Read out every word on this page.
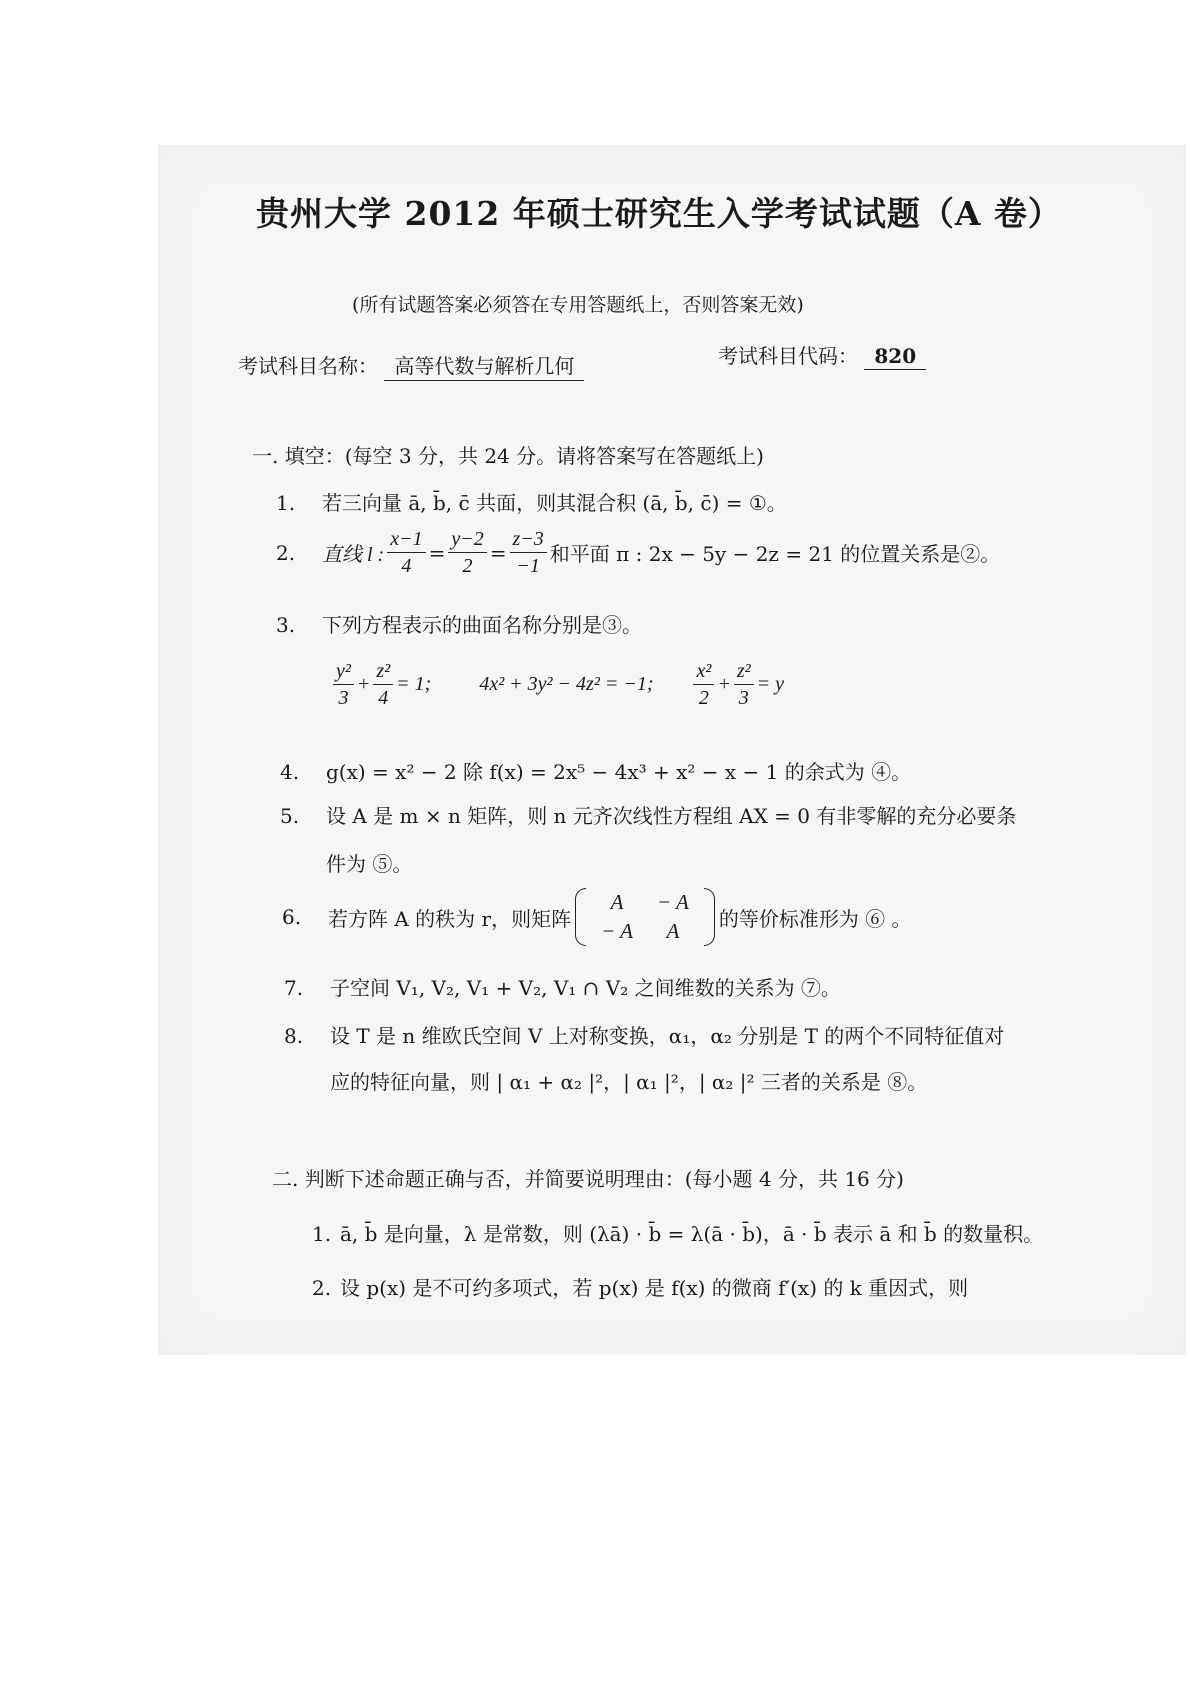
贵州大学 2012 年硕士研究生入学考试试题（A 卷）
(所有试题答案必须答在专用答题纸上，否则答案无效)
考试科目名称： 高等代数与解析几何	考试科目代码： 820
一. 填空：(每空 3 分，共 24 分。请将答案写在答题纸上)
1. 若三向量 ā, b̄, c̄ 共面，则其混合积 (ā, b̄, c̄) = ①。
2.	直线 l : $\frac{x-1}{4} = \frac{y-2}{2} = \frac{z-3}{-1}$ 和平面 π : 2x − 5y − 2z = 21 的位置关系是②。
3. 下列方程表示的曲面名称分别是③。
$\frac{\text{y²}}{3} + \frac{\text{z²}}{4} = 1$; 4x² + 3y² − 4z² = −1; $\frac{\text{x²}}{2} + \frac{\text{z²}}{3} = y$
4. g(x) = x² − 2 除 f(x) = 2x⁵ − 4x³ + x² − x − 1 的余式为 ④。
5. 设 A 是 m × n 矩阵，则 n 元齐次线性方程组 AX = 0 有非零解的充分必要条
件为 ⑤。
6.	若方阵 A 的秩为 r，则矩阵
A	− A
− A	A
的等价标准形为 ⑥ 。
7. 子空间 V₁, V₂, V₁ + V₂, V₁ ∩ V₂ 之间维数的关系为 ⑦。
8. 设 T 是 n 维欧氏空间 V 上对称变换，α₁，α₂ 分别是 T 的两个不同特征值对
应的特征向量，则 | α₁ + α₂ |²，| α₁ |²，| α₂ |² 三者的关系是 ⑧。
二. 判断下述命题正确与否，并简要说明理由：(每小题 4 分，共 16 分)
1. ā, b̄ 是向量，λ 是常数，则 (λā) · b̄ = λ(ā · b̄)，ā · b̄ 表示 ā 和 b̄ 的数量积。
2. 设 p(x) 是不可约多项式，若 p(x) 是 f(x) 的微商 f′(x) 的 k 重因式，则
